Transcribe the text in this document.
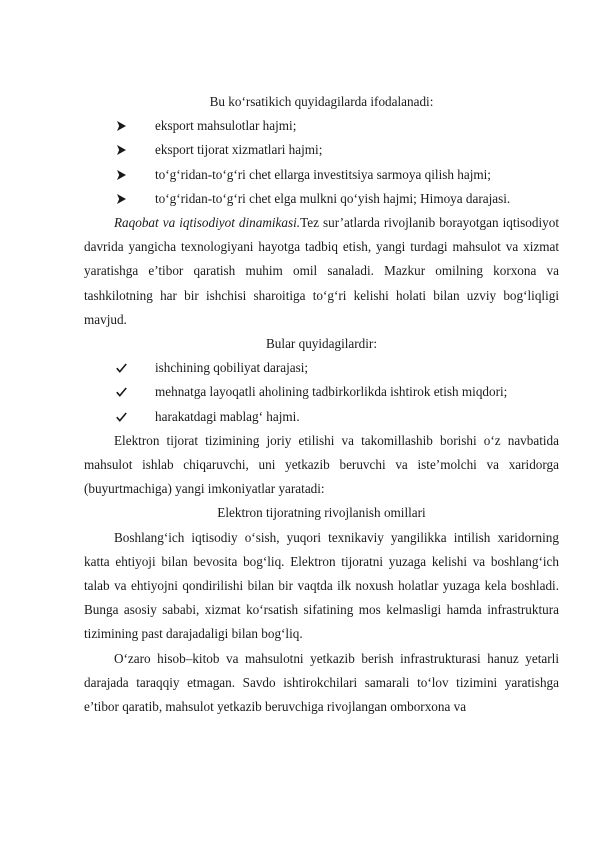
Bu ko‘rsatikich quyidagilarda ifodalanadi:

eksport mahsulotlar hajmi;
eksport tijorat xizmatlari hajmi;
to‘g‘ridan-to‘g‘ri chet ellarga investitsiya sarmoya qilish hajmi;
to‘g‘ridan-to‘g‘ri chet elga mulkni qo‘yish hajmi; Himoya darajasi.

Raqobat va iqtisodiyot dinamikasi.Tez sur’atlarda rivojlanib borayotgan iqtisodiyot davrida yangicha texnologiyani hayotga tadbiq etish, yangi turdagi mahsulot va xizmat yaratishga e’tibor qaratish muhim omil sanaladi. Mazkur omilning korxona va tashkilotning har bir ishchisi sharoitiga to‘g‘ri kelishi holati bilan uzviy bog‘liqligi mavjud.

Bular quyidagilardir:

ishchining qobiliyat darajasi;
mehnatga layoqatli aholining tadbirkorlikda ishtirok etish miqdori;
harakatdagi mablag‘ hajmi.

Elektron tijorat tizimining joriy etilishi va takomillashib borishi o‘z navbatida mahsulot ishlab chiqaruvchi, uni yetkazib beruvchi va iste’molchi va xaridorga (buyurtmachiga) yangi imkoniyatlar yaratadi:

Elektron tijoratning rivojlanish omillari

Boshlang‘ich iqtisodiy o‘sish, yuqori texnikaviy yangilikka intilish xaridorning katta ehtiyoji bilan bevosita bog‘liq. Elektron tijoratni yuzaga kelishi va boshlang‘ich talab va ehtiyojni qondirilishi bilan bir vaqtda ilk noxush holatlar yuzaga kela boshladi. Bunga asosiy sababi, xizmat ko‘rsatish sifatining mos kelmasligi hamda infrastruktura tizimining past darajadaligi bilan bog‘liq.

O‘zaro hisob–kitob va mahsulotni yetkazib berish infrastrukturasi hanuz yetarli darajada taraqqiy etmagan. Savdo ishtirokchilari samarali to‘lov tizimini yaratishga e’tibor qaratib, mahsulot yetkazib beruvchiga rivojlangan omborxona va
